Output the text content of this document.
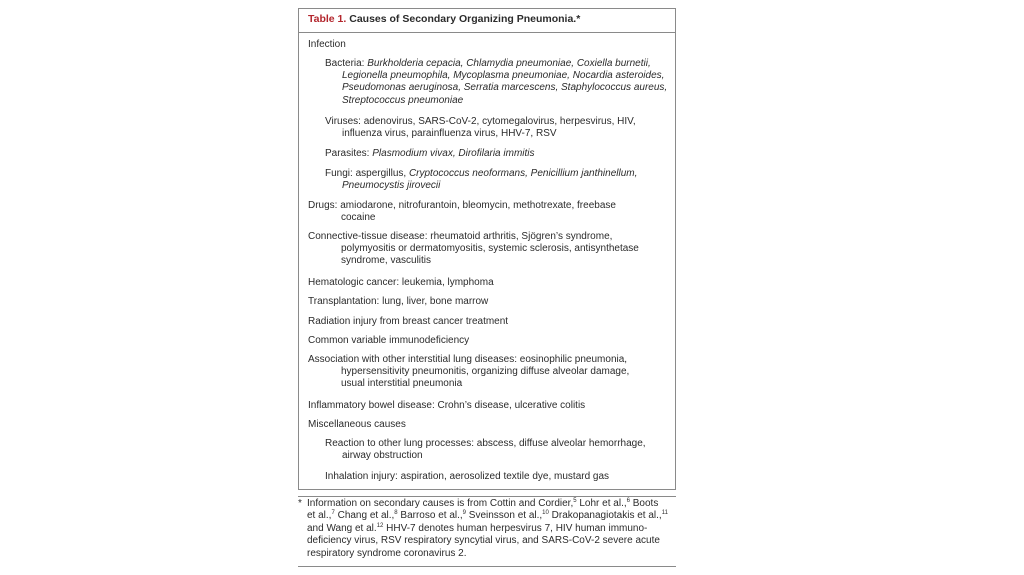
Table 1. Causes of Secondary Organizing Pneumonia.*
Infection
Bacteria: Burkholderia cepacia, Chlamydia pneumoniae, Coxiella burnetii,
Legionella pneumophila, Mycoplasma pneumoniae, Nocardia asteroides,
Pseudomonas aeruginosa, Serratia marcescens, Staphylococcus aureus,
Streptococcus pneumoniae
Viruses: adenovirus, SARS-CoV-2, cytomegalovirus, herpesvirus, HIV,
influenza virus, parainfluenza virus, HHV-7, RSV
Parasites: Plasmodium vivax, Dirofilaria immitis
Fungi: aspergillus, Cryptococcus neoformans, Penicillium janthinellum,
Pneumocystis jirovecii
Drugs: amiodarone, nitrofurantoin, bleomycin, methotrexate, freebase
cocaine
Connective-tissue disease: rheumatoid arthritis, Sjögren’s syndrome,
polymyositis or dermatomyositis, systemic sclerosis, antisynthetase
syndrome, vasculitis
Hematologic cancer: leukemia, lymphoma
Transplantation: lung, liver, bone marrow
Radiation injury from breast cancer treatment
Common variable immunodeficiency
Association with other interstitial lung diseases: eosinophilic pneumonia,
hypersensitivity pneumonitis, organizing diffuse alveolar damage,
usual interstitial pneumonia
Inflammatory bowel disease: Crohn’s disease, ulcerative colitis
Miscellaneous causes
Reaction to other lung processes: abscess, diffuse alveolar hemorrhage,
airway obstruction
Inhalation injury: aspiration, aerosolized textile dye, mustard gas
* Information on secondary causes is from Cottin and Cordier,$^5$ Lohr et al.,$^6$ Boots
et al.,$^7$ Chang et al.,$^8$ Barroso et al.,$^9$ Sveinsson et al.,$^{10}$ Drakopanagiotakis et al.,$^{11}$
and Wang et al.$^{12}$ HHV-7 denotes human herpesvirus 7, HIV human immuno-
deficiency virus, RSV respiratory syncytial virus, and SARS-CoV-2 severe acute
respiratory syndrome coronavirus 2.
